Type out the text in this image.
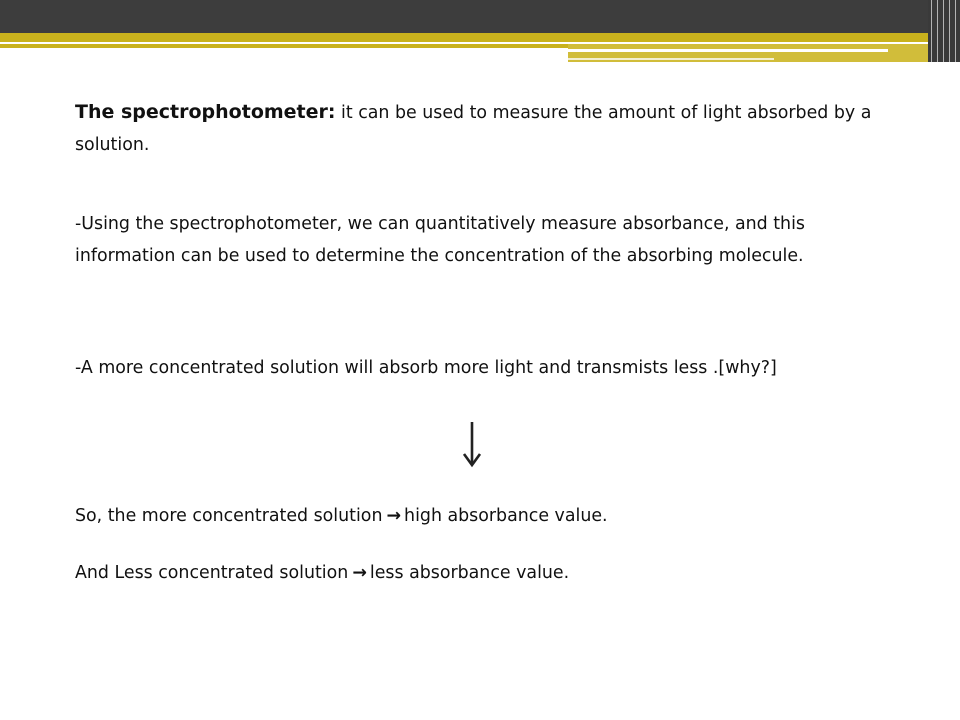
The spectrophotometer: it can be used to measure the amount of light absorbed by a solution.

-Using the spectrophotometer, we can quantitatively measure absorbance, and this information can be used to determine the concentration of the absorbing molecule.

-A more concentrated solution will absorb more light and transmists less .[why?]

So, the more concentrated solution → high absorbance value.

And Less concentrated solution → less absorbance value.
